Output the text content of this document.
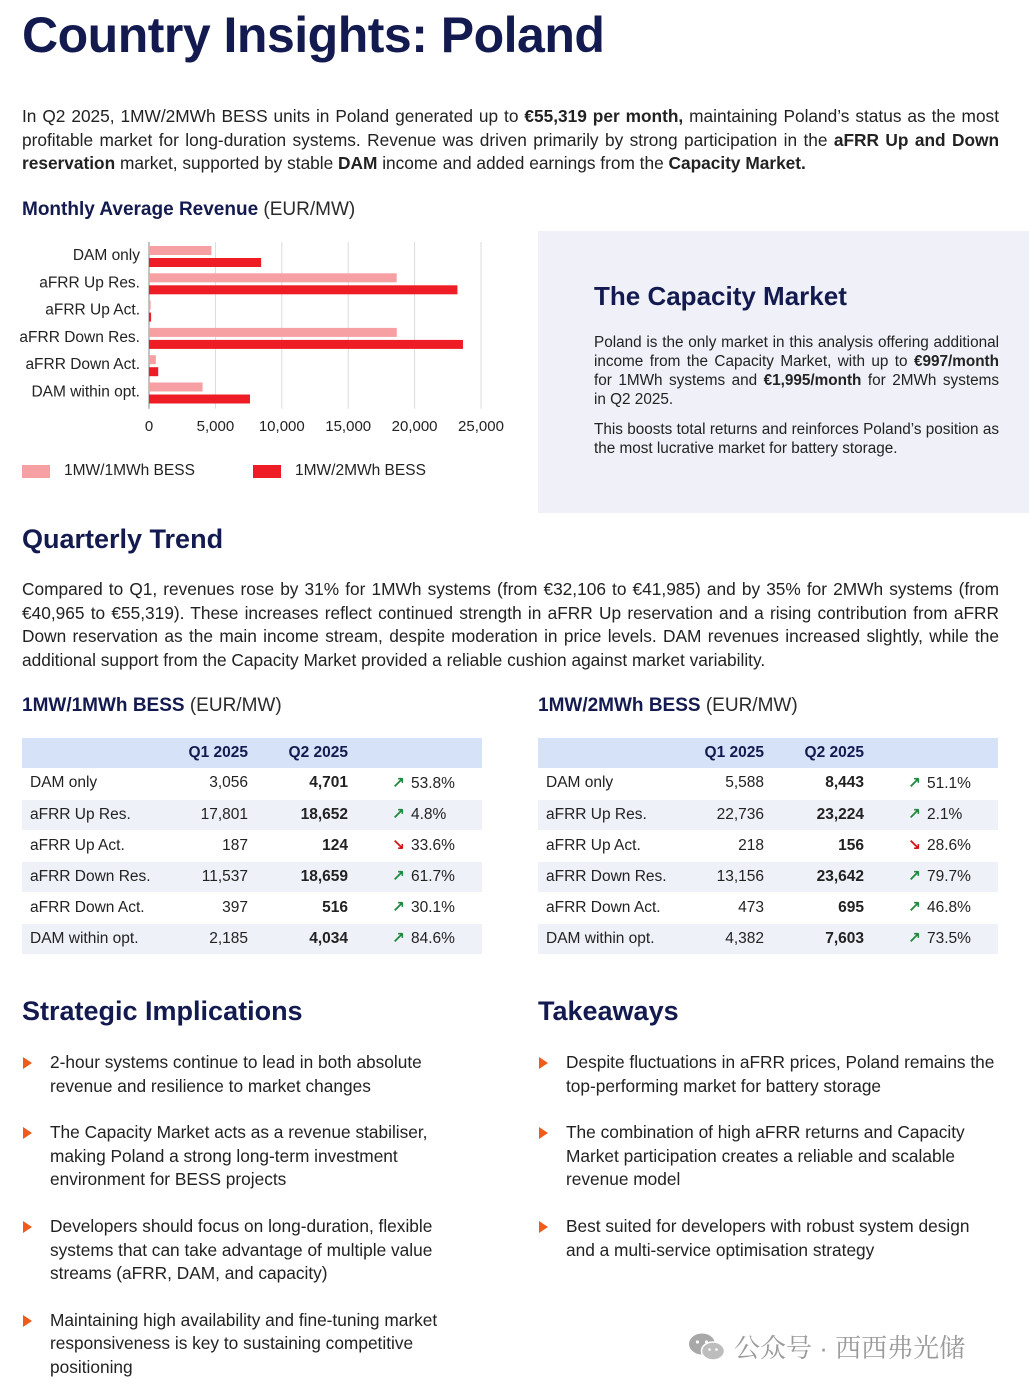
Country Insights: Poland

In Q2 2025, 1MW/2MWh BESS units in Poland generated up to €55,319 per month, maintaining Poland’s status as the most profitable market for long-duration systems. Revenue was driven primarily by strong participation in the aFRR Up and Down reservation market, supported by stable DAM income and added earnings from the Capacity Market.

Monthly Average Revenue (EUR/MW)
0	5,000 10,000 15,000 20,000 25,000
DAM only
aFRR Up Res.
aFRR Up Act.
aFRR Down Res.
aFRR Down Act.
DAM within opt.
1MW/1MWh BESS	1MW/2MWh BESS
The Capacity Market

Poland is the only market in this analysis offering additional income from the Capacity Market, with up to €997/month for 1MWh systems and €1,995/month for 2MWh systems in Q2 2025.

This boosts total returns and reinforces Poland’s position as the most lucrative market for battery storage.

Quarterly Trend

Compared to Q1, revenues rose by 31% for 1MWh systems (from €32,106 to €41,985) and by 35% for 2MWh systems (from €40,965 to €55,319). These increases reflect continued strength in aFRR Up reservation and a rising contribution from aFRR Down reservation as the main income stream, despite moderation in price levels. DAM revenues increased slightly, while the additional support from the Capacity Market provided a reliable cushion against market variability.

1MW/1MWh BESS (EUR/MW)	1MW/2MWh BESS (EUR/MW)
	Q1 2025	Q2 2025	
DAM only	3,056	4,701	↗ 53.8%
aFRR Up Res.	17,801	18,652	↗ 4.8%
aFRR Up Act.	187	124	↘ 33.6%
aFRR Down Res.	11,537	18,659	↗ 61.7%
aFRR Down Act.	397	516	↗ 30.1%
DAM within opt.	2,185	4,034	↗ 84.6%
	Q1 2025	Q2 2025	
DAM only	5,588	8,443	↗ 51.1%
aFRR Up Res.	22,736	23,224	↗ 2.1%
aFRR Up Act.	218	156	↘ 28.6%
aFRR Down Res.	13,156	23,642	↗ 79.7%
aFRR Down Act.	473	695	↗ 46.8%
DAM within opt.	4,382	7,603	↗ 73.5%
Strategic Implications
2-hour systems continue to lead in both absolute revenue and resilience to market changes
The Capacity Market acts as a revenue stabiliser, making Poland a strong long-term investment environment for BESS projects
Developers should focus on long-duration, flexible systems that can take advantage of multiple value streams (aFRR, DAM, and capacity)
Maintaining high availability and fine-tuning market responsiveness is key to sustaining competitive positioning
Takeaways
Despite fluctuations in aFRR prices, Poland remains the top-performing market for battery storage
The combination of high aFRR returns and Capacity Market participation creates a reliable and scalable revenue model
Best suited for developers with robust system design and a multi-service optimisation strategy
公众号 · 西西弗光储
